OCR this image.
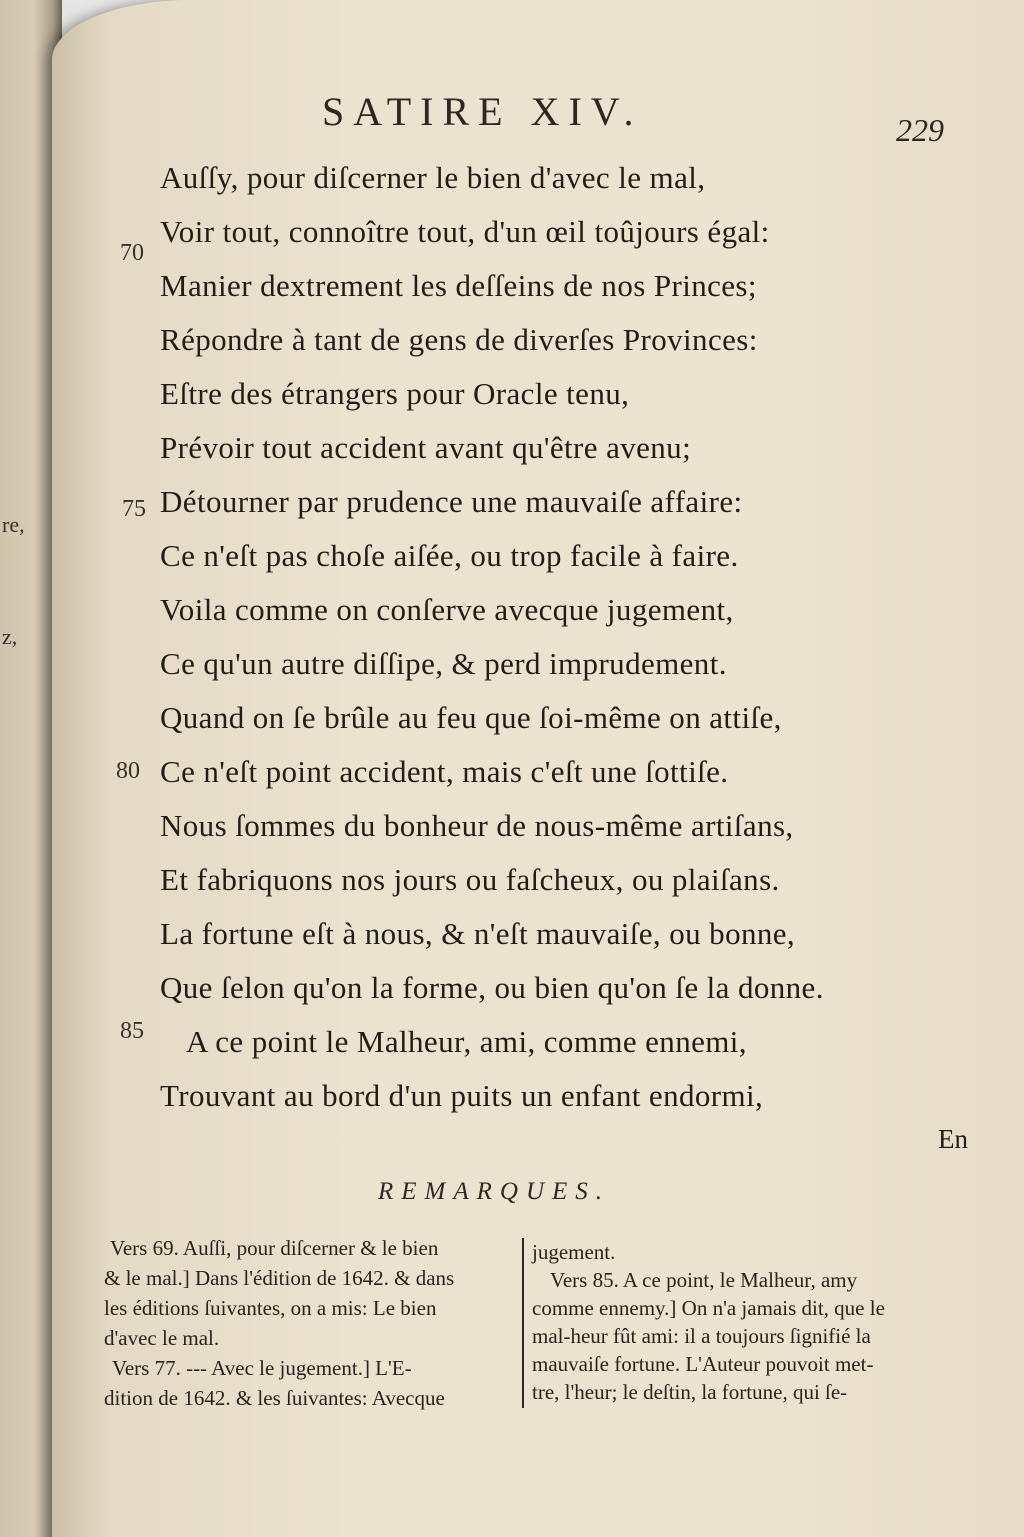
re,
z,
SATIRE XIV.	229
Auſſy, pour diſcerner le bien d'avec le mal,
Voir tout, connoître tout, d'un œil toûjours égal:
Manier dextrement les deſſeins de nos Princes;
Répondre à tant de gens de diverſes Provinces:
Eſtre des étrangers pour Oracle tenu,
Prévoir tout accident avant qu'être avenu;
Détourner par prudence une mauvaiſe affaire:
Ce n'eſt pas choſe aiſée, ou trop facile à faire.
Voila comme on conſerve avecque jugement,
Ce qu'un autre diſſipe, & perd imprudement.
Quand on ſe brûle au feu que ſoi-même on attiſe,
Ce n'eſt point accident, mais c'eſt une ſottiſe.
Nous ſommes du bonheur de nous-même artiſans,
Et fabriquons nos jours ou faſcheux, ou plaiſans.
La fortune eſt à nous, & n'eſt mauvaiſe, ou bonne,
Que ſelon qu'on la forme, ou bien qu'on ſe la donne.
A ce point le Malheur, ami, comme ennemi,
Trouvant au bord d'un puits un enfant endormi,
70
75
80
85
En
REMARQUES.
Vers 69. Auſſi, pour diſcerner & le bien
& le mal.] Dans l'édition de 1642. & dans
les éditions ſuivantes, on a mis: Le bien
d'avec le mal.
Vers 77. --- Avec le jugement.] L'E-
dition de 1642. & les ſuivantes: Avecque
jugement.
Vers 85. A ce point, le Malheur, amy
comme ennemy.] On n'a jamais dit, que le
mal-heur fût ami: il a toujours ſignifié la
mauvaiſe fortune. L'Auteur pouvoit met-
tre, l'heur; le deſtin, la fortune, qui ſe-
